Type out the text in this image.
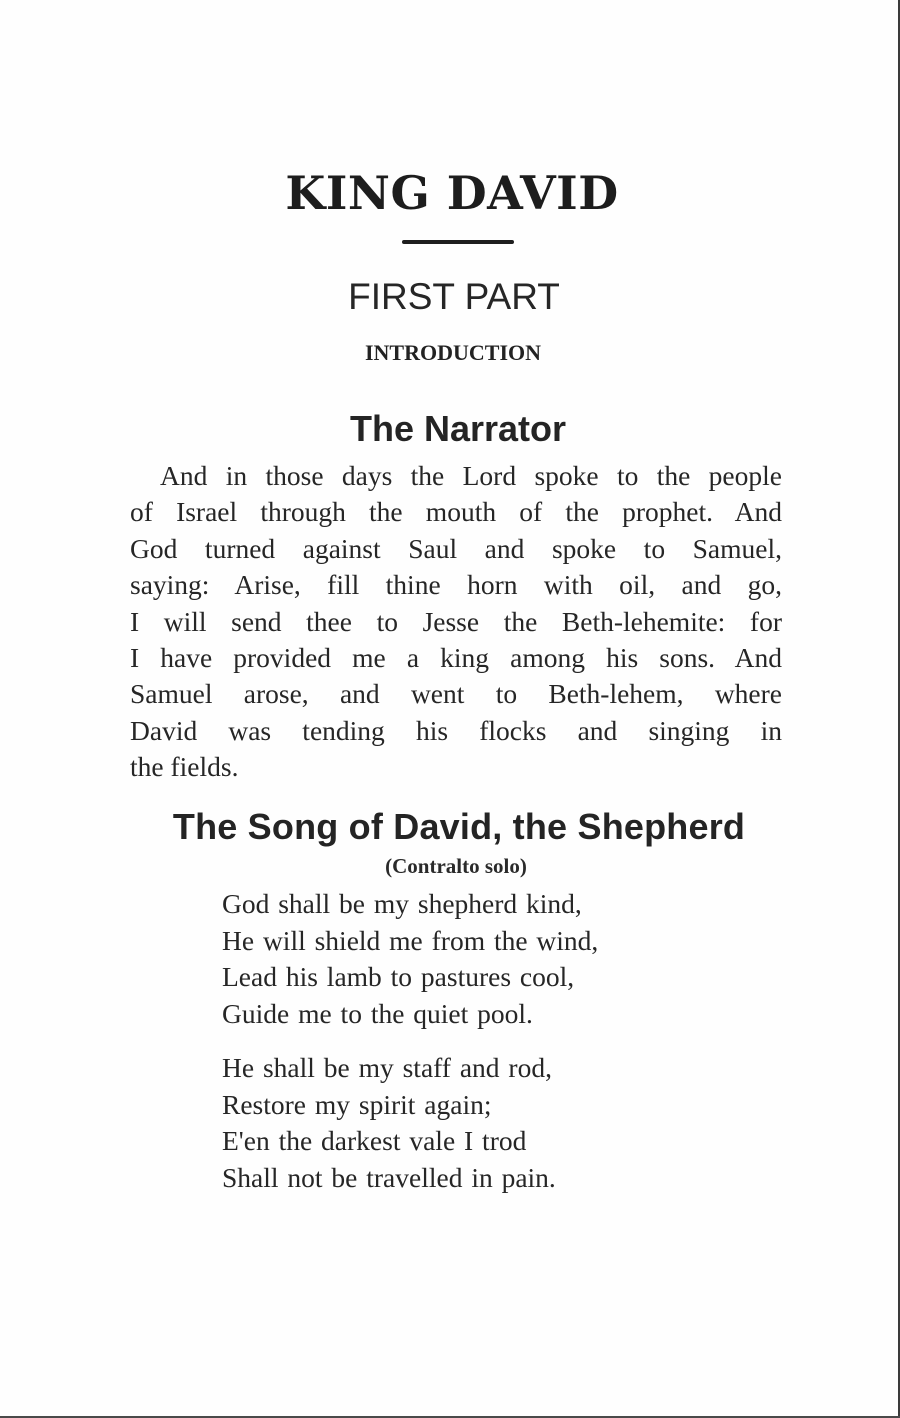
KING DAVID
FIRST PART
INTRODUCTION
The Narrator
And in those days the Lord spoke to the people
of Israel through the mouth of the prophet. And
God turned against Saul and spoke to Samuel,
saying: Arise, fill thine horn with oil, and go,
I will send thee to Jesse the Beth-lehemite: for
I have provided me a king among his sons. And
Samuel arose, and went to Beth-lehem, where
David was tending his flocks and singing in
the fields.
The Song of David, the Shepherd
(Contralto solo)
God shall be my shepherd kind,
He will shield me from the wind,
Lead his lamb to pastures cool,
Guide me to the quiet pool.
He shall be my staff and rod,
Restore my spirit again;
E'en the darkest vale I trod
Shall not be travelled in pain.
